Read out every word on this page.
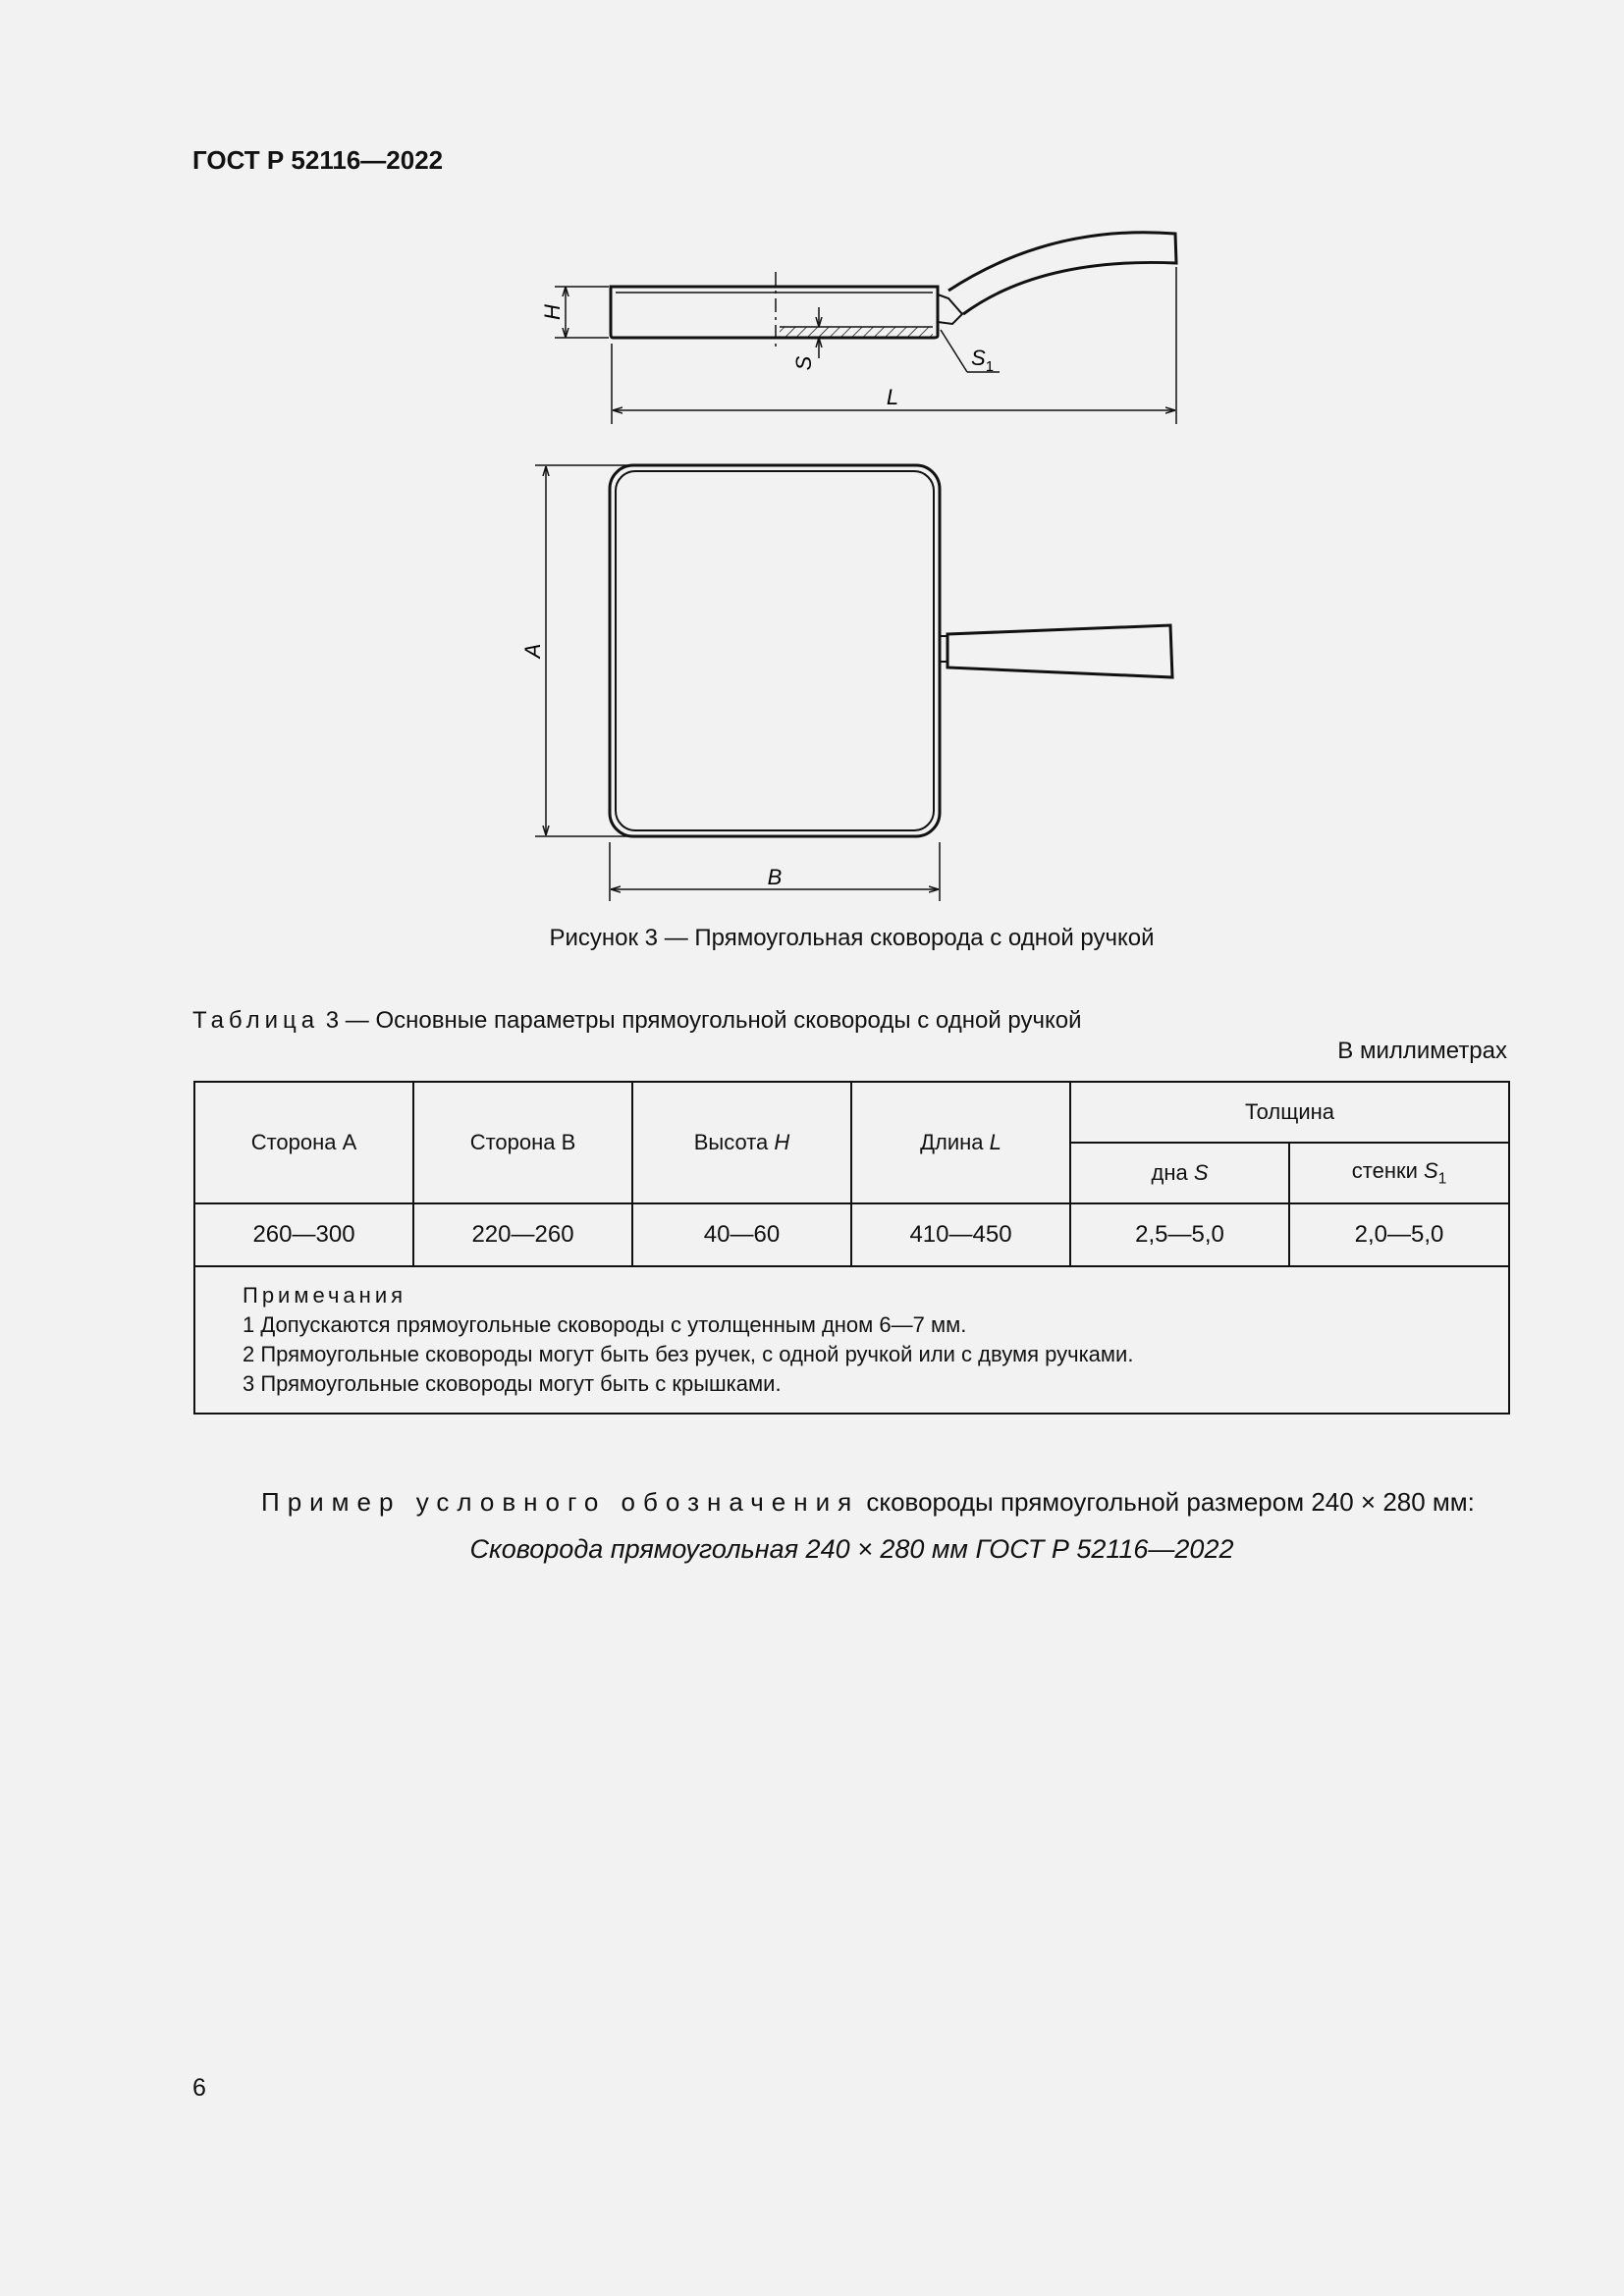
ГОСТ Р 52116—2022
H
S	$S_1$
L
A
B
Рисунок 3 — Прямоугольная сковорода с одной ручкой
Таблица 3 — Основные параметры прямоугольной сковороды с одной ручкой
В миллиметрах
Сторона А	Сторона В	Высота H	Длина L	Толщина	
				дна S	стенки $S_1$
260—300	220—260	40—60	410—450	2,5—5,0	2,0—5,0

Примечания
1 Допускаются прямоугольные сковороды с утолщенным дном 6—7 мм.
2 Прямоугольные сковороды могут быть без ручек, с одной ручкой или с двумя ручками.
3 Прямоугольные сковороды могут быть с крышками.					
Пример условного обозначения сковороды прямоугольной размером 240 × 280 мм:
Сковорода прямоугольная 240 × 280 мм ГОСТ Р 52116—2022
6
